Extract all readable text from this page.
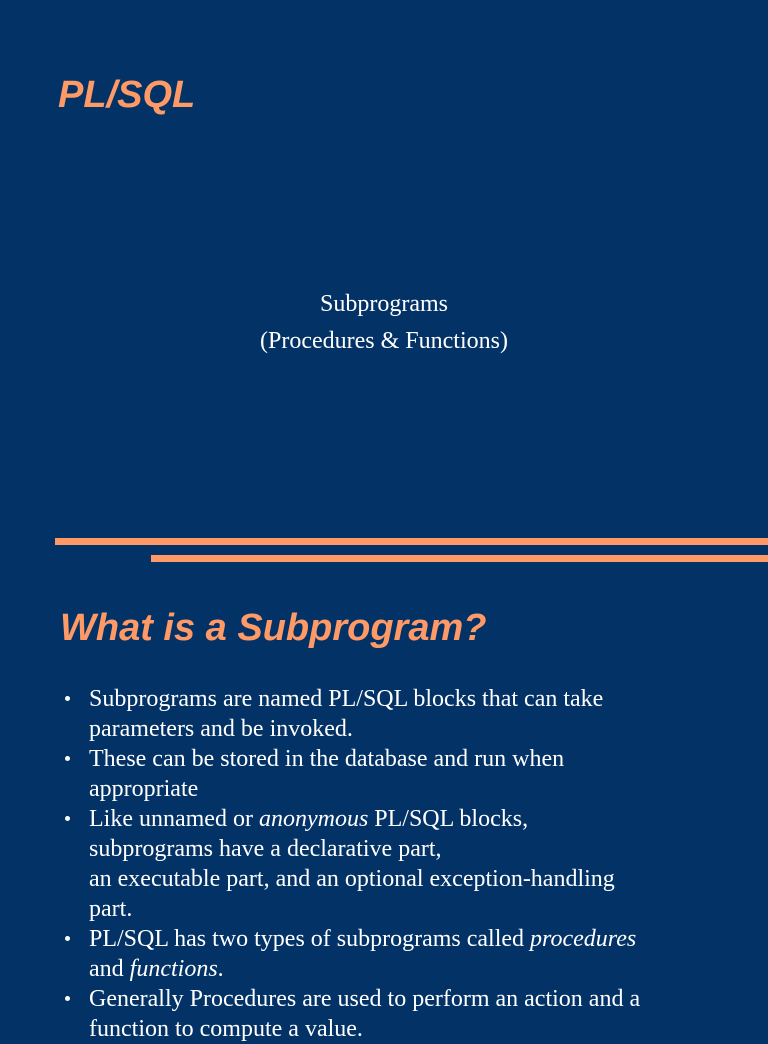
PL/SQL
Subprograms
(Procedures & Functions)
What is a Subprogram?
Subprograms are named PL/SQL blocks that can take
parameters and be invoked.
These can be stored in the database and run when
appropriate
Like unnamed or anonymous PL/SQL blocks,
subprograms have a declarative part,
an executable part, and an optional exception-handling
part.
PL/SQL has two types of subprograms called procedures
and functions.
Generally Procedures are used to perform an action and a
function to compute a value.
